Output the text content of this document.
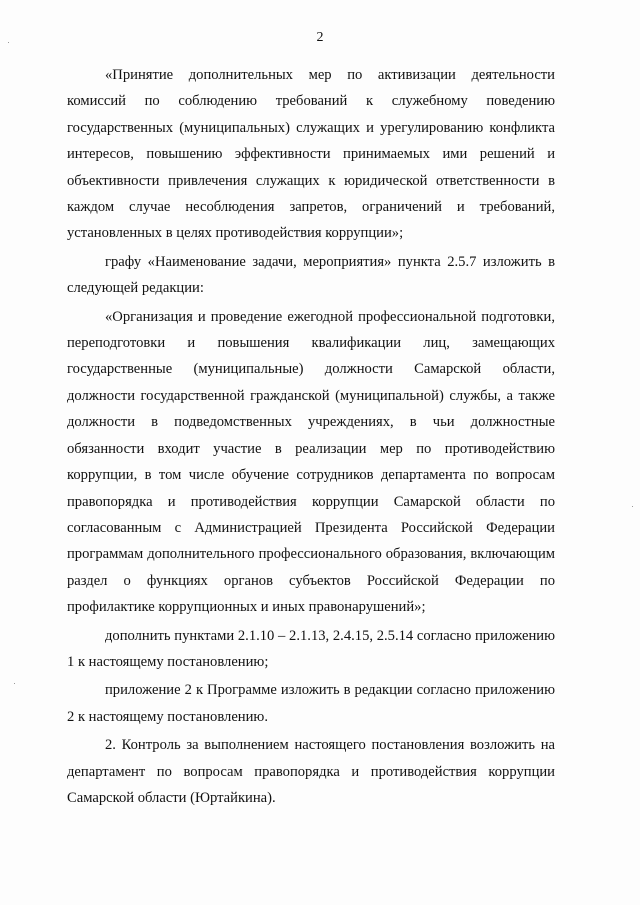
2

«Принятие дополнительных мер по активизации деятельности комиссий по соблюдению требований к служебному поведению государственных (муниципальных) служащих и урегулированию конфликта интересов, повышению эффективности принимаемых ими решений и объективности привлечения служащих к юридической ответственности в каждом случае несоблюдения запретов, ограничений и требований, установленных в целях противодействия коррупции»;

графу «Наименование задачи, мероприятия» пункта 2.5.7 изложить в следующей редакции:

«Организация и проведение ежегодной профессиональной подготовки, переподготовки и повышения квалификации лиц, замещающих государственные (муниципальные) должности Самарской области, должности государственной гражданской (муниципальной) службы, а также должности в подведомственных учреждениях, в чьи должностные обязанности входит участие в реализации мер по противодействию коррупции, в том числе обучение сотрудников департамента по вопросам правопорядка и противодействия коррупции Самарской области по согласованным с Администрацией Президента Российской Федерации программам дополнительного профессионального образования, включающим раздел о функциях органов субъектов Российской Федерации по профилактике коррупционных и иных правонарушений»;

дополнить пунктами 2.1.10 – 2.1.13, 2.4.15, 2.5.14 согласно приложению 1 к настоящему постановлению;

приложение 2 к Программе изложить в редакции согласно приложению 2 к настоящему постановлению.

2. Контроль за выполнением настоящего постановления возложить на департамент по вопросам правопорядка и противодействия коррупции Самарской области (Юртайкина).
